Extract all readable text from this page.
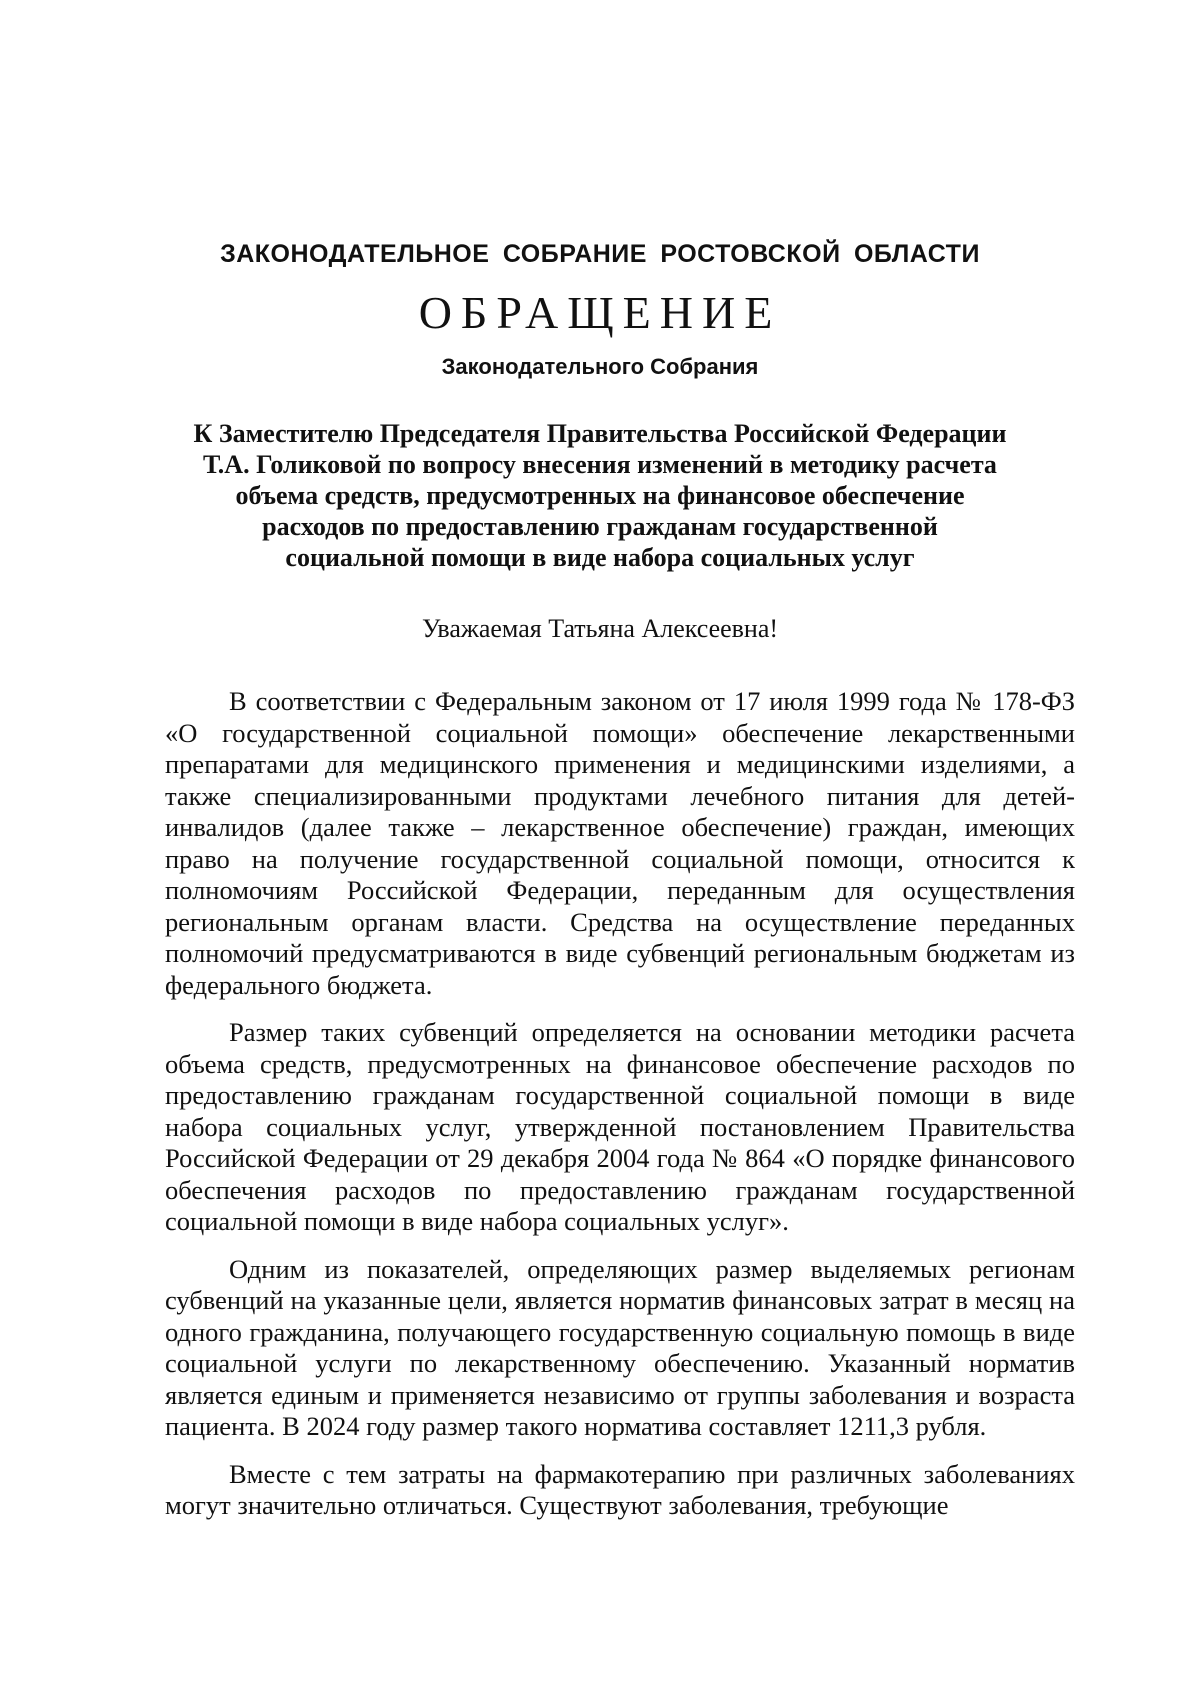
ЗАКОНОДАТЕЛЬНОЕ СОБРАНИЕ РОСТОВСКОЙ ОБЛАСТИ
ОБРАЩЕНИЕ
Законодательного Собрания
К Заместителю Председателя Правительства Российской Федерации
Т.А. Голиковой по вопросу внесения изменений в методику расчета
объема средств, предусмотренных на финансовое обеспечение
расходов по предоставлению гражданам государственной
социальной помощи в виде набора социальных услуг
Уважаемая Татьяна Алексеевна!

В соответствии с Федеральным законом от 17 июля 1999 года № 178-ФЗ «О государственной социальной помощи» обеспечение лекарственными препаратами для медицинского применения и медицинскими изделиями, а также специализированными продуктами лечебного питания для детей-инвалидов (далее также – лекарственное обеспечение) граждан, имеющих право на получение государственной социальной помощи, относится к полномочиям Российской Федерации, переданным для осуществления региональным органам власти. Средства на осуществление переданных полномочий предусматриваются в виде субвенций региональным бюджетам из федерального бюджета.

Размер таких субвенций определяется на основании методики расчета объема средств, предусмотренных на финансовое обеспечение расходов по предоставлению гражданам государственной социальной помощи в виде набора социальных услуг, утвержденной постановлением Правительства Российской Федерации от 29 декабря 2004 года № 864 «О порядке финансового обеспечения расходов по предоставлению гражданам государственной социальной помощи в виде набора социальных услуг».

Одним из показателей, определяющих размер выделяемых регионам субвенций на указанные цели, является норматив финансовых затрат в месяц на одного гражданина, получающего государственную социальную помощь в виде социальной услуги по лекарственному обеспечению. Указанный норматив является единым и применяется независимо от группы заболевания и возраста пациента. В 2024 году размер такого норматива составляет 1211,3 рубля.

Вместе с тем затраты на фармакотерапию при различных заболеваниях могут значительно отличаться. Существуют заболевания, требующие
